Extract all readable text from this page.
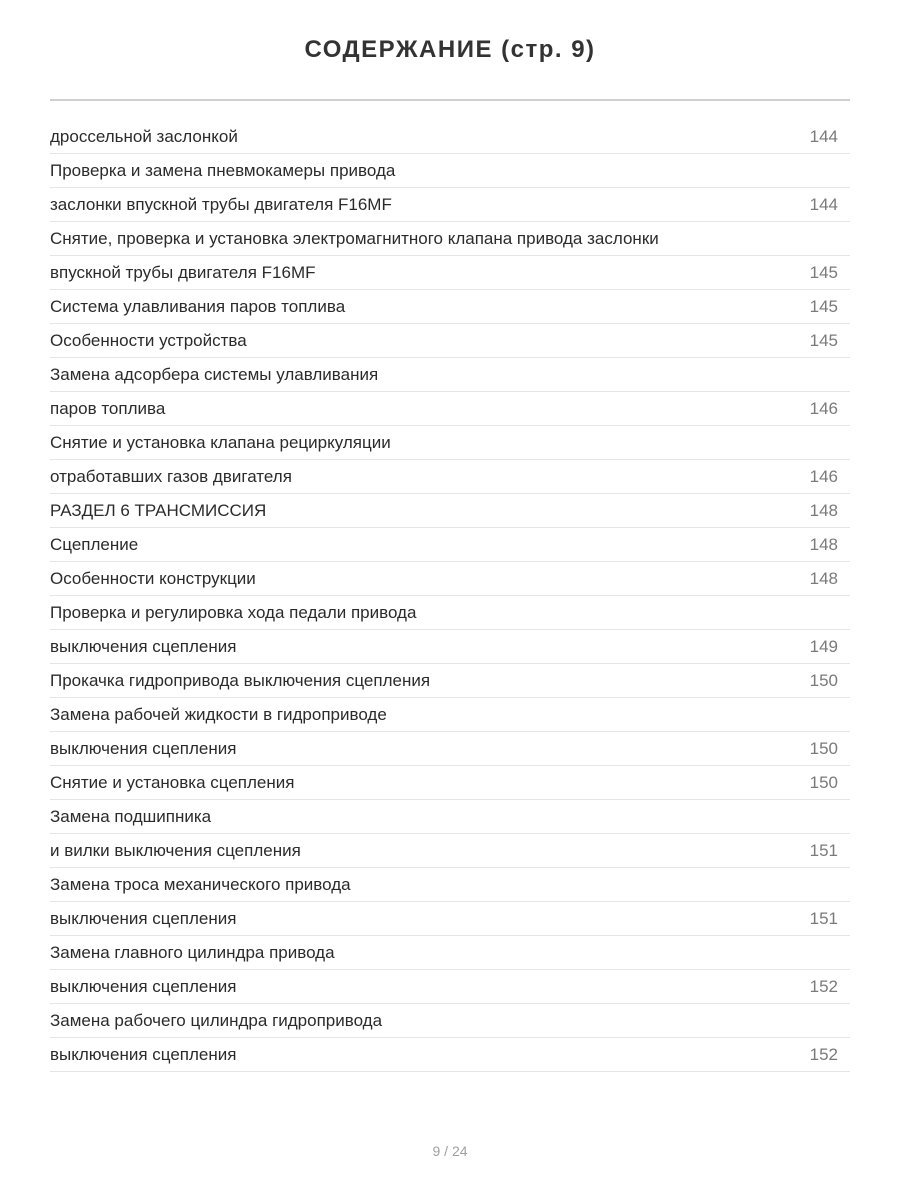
СОДЕРЖАНИЕ (стр. 9)
дроссельной заслонкой	144
Проверка и замена пневмокамеры привода
заслонки впускной трубы двигателя F16MF	144
Снятие, проверка и установка электромагнитного клапана привода заслонки
впускной трубы двигателя F16MF	145
Система улавливания паров топлива	145
Особенности устройства	145
Замена адсорбера системы улавливания
паров топлива	146
Снятие и установка клапана рециркуляции
отработавших газов двигателя	146
РАЗДЕЛ 6 ТРАНСМИССИЯ	148
Сцепление	148
Особенности конструкции	148
Проверка и регулировка хода педали привода
выключения сцепления	149
Прокачка гидропривода выключения сцепления	150
Замена рабочей жидкости в гидроприводе
выключения сцепления	150
Снятие и установка сцепления	150
Замена подшипника
и вилки выключения сцепления	151
Замена троса механического привода
выключения сцепления	151
Замена главного цилиндра привода
выключения сцепления	152
Замена рабочего цилиндра гидропривода
выключения сцепления	152
9 / 24
